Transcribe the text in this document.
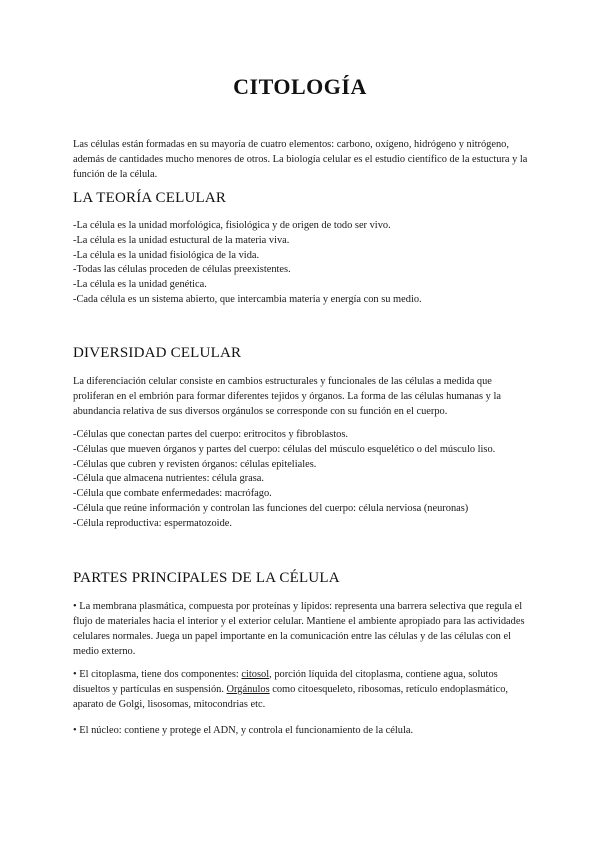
CITOLOGÍA
Las células están formadas en su mayoría de cuatro elementos: carbono, oxígeno, hidrógeno y nitrógeno, además de cantidades mucho menores de otros. La biología celular es el estudio científico de la estuctura y la función de la célula.
LA TEORÍA CELULAR
-La célula es la unidad morfológica, fisiológica y de origen de todo ser vivo.
-La célula es la unidad estuctural de la materia viva.
-La célula es la unidad fisiológica de la vida.
-Todas las células proceden de células preexistentes.
-La célula es la unidad genética.
-Cada célula es un sistema abierto, que intercambia materia y energía con su medio.
DIVERSIDAD CELULAR
La diferenciación celular consiste en cambios estructurales y funcionales de las células a medida que proliferan en el embrión para formar diferentes tejidos y órganos. La forma de las células humanas y la abundancia relativa de sus diversos orgánulos se corresponde con su función en el cuerpo.
-Células que conectan partes del cuerpo: eritrocitos y fibroblastos.
-Células que mueven órganos y partes del cuerpo: células del músculo esquelético o del músculo liso.
-Células que cubren y revisten órganos: células epiteliales.
-Célula que almacena nutrientes: célula grasa.
-Célula que combate enfermedades: macrófago.
-Célula que reúne información y controlan las funciones del cuerpo: célula nerviosa (neuronas)
-Célula reproductiva: espermatozoide.
PARTES PRINCIPALES DE LA CÉLULA
• La membrana plasmática, compuesta por proteínas y lípidos: representa una barrera selectiva que regula el flujo de materiales hacia el interior y el exterior celular. Mantiene el ambiente apropiado para las actividades celulares normales. Juega un papel importante en la comunicación entre las células y de las células con el medio externo.
• El citoplasma, tiene dos componentes: citosol, porción líquida del citoplasma, contiene agua, solutos disueltos y partículas en suspensión. Orgánulos como citoesqueleto, ribosomas, retículo endoplasmático, aparato de Golgi, lisosomas, mitocondrias etc.
• El núcleo: contiene y protege el ADN, y controla el funcionamiento de la célula.
